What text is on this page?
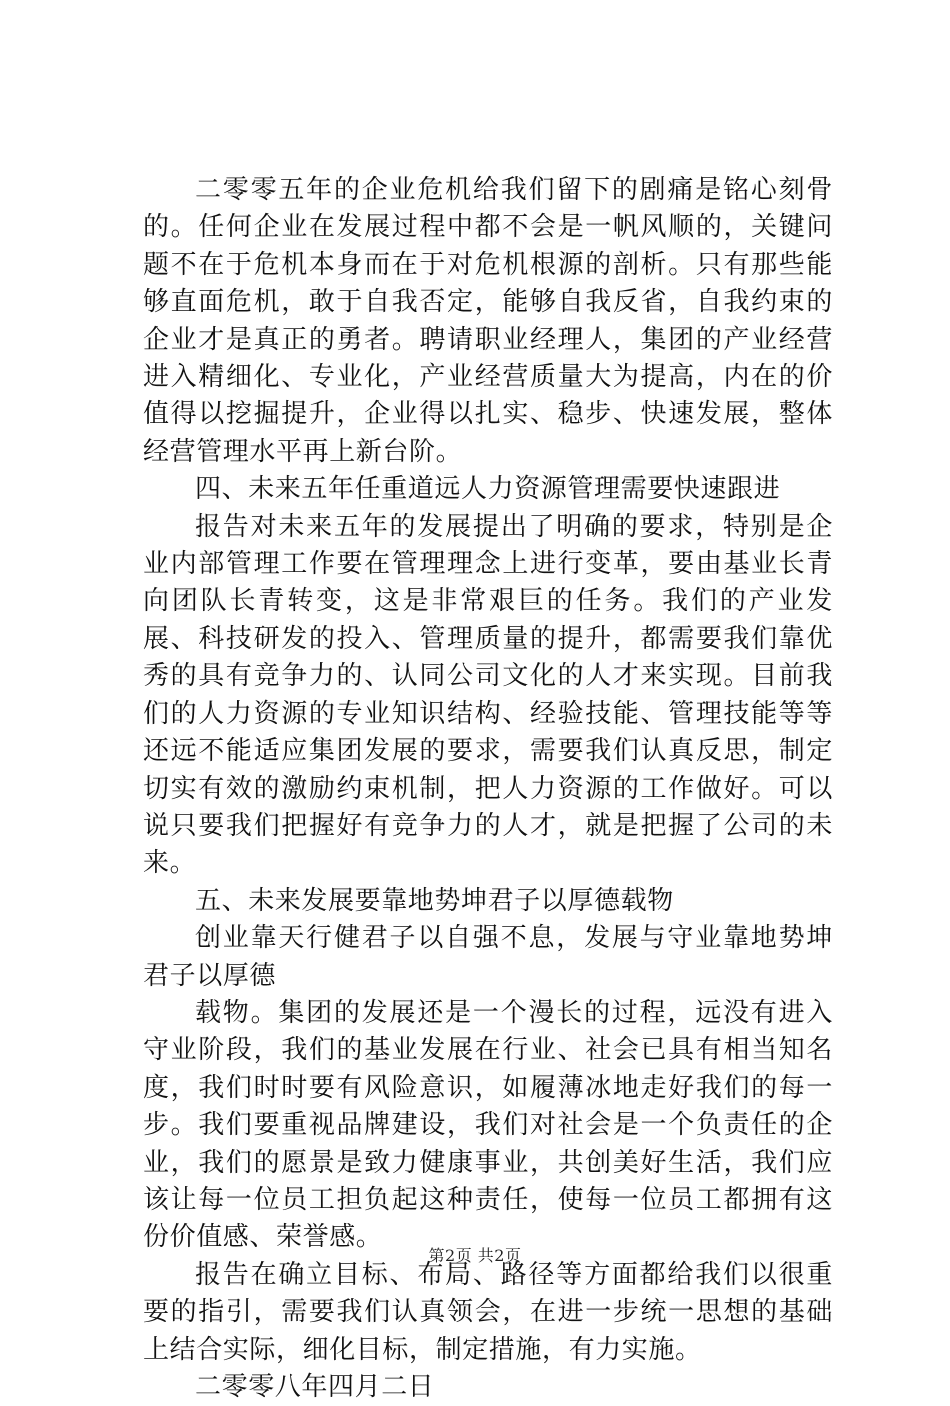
二零零五年的企业危机给我们留下的剧痛是铭心刻骨的。任何企业在发展过程中都不会是一帆风顺的，关键问题不在于危机本身而在于对危机根源的剖析。只有那些能够直面危机，敢于自我否定，能够自我反省，自我约束的企业才是真正的勇者。聘请职业经理人，集团的产业经营进入精细化、专业化，产业经营质量大为提高，内在的价值得以挖掘提升，企业得以扎实、稳步、快速发展，整体经营管理水平再上新台阶。

四、未来五年任重道远人力资源管理需要快速跟进

报告对未来五年的发展提出了明确的要求，特别是企业内部管理工作要在管理理念上进行变革，要由基业长青向团队长青转变，这是非常艰巨的任务。我们的产业发展、科技研发的投入、管理质量的提升，都需要我们靠优秀的具有竞争力的、认同公司文化的人才来实现。目前我们的人力资源的专业知识结构、经验技能、管理技能等等还远不能适应集团发展的要求，需要我们认真反思，制定切实有效的激励约束机制，把人力资源的工作做好。可以说只要我们把握好有竞争力的人才，就是把握了公司的未来。

五、未来发展要靠地势坤君子以厚德载物

创业靠天行健君子以自强不息，发展与守业靠地势坤君子以厚德

载物。集团的发展还是一个漫长的过程，远没有进入守业阶段，我们的基业发展在行业、社会已具有相当知名度，我们时时要有风险意识，如履薄冰地走好我们的每一步。我们要重视品牌建设，我们对社会是一个负责任的企业，我们的愿景是致力健康事业，共创美好生活，我们应该让每一位员工担负起这种责任，使每一位员工都拥有这份价值感、荣誉感。

报告在确立目标、布局、路径等方面都给我们以很重要的指引，需要我们认真领会，在进一步统一思想的基础上结合实际，细化目标，制定措施，有力实施。

二零零八年四月二日

第2页 共2页
